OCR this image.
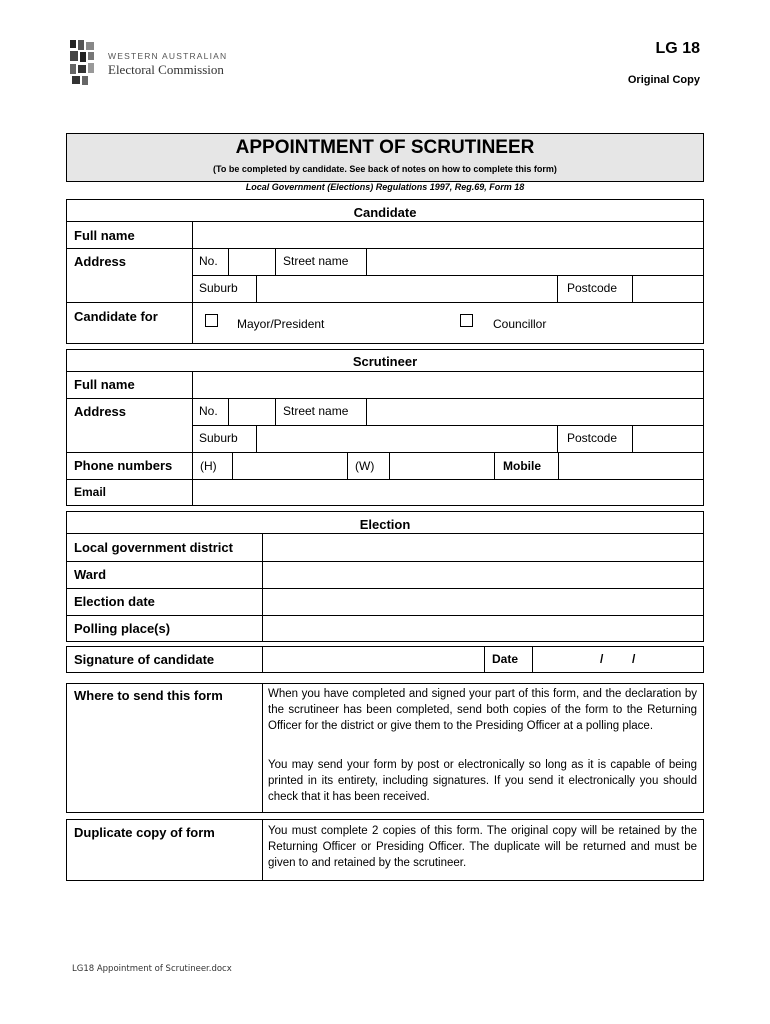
WESTERN AUSTRALIAN
Electoral Commission
LG 18
Original Copy
APPOINTMENT OF SCRUTINEER
(To be completed by candidate. See back of notes on how to complete this form)
Local Government (Elections) Regulations 1997, Reg.69, Form 18
Candidate
Full name
Address	No.	Street name
Suburb	Postcode
Candidate for	Mayor/President	Councillor
Scrutineer
Full name
Address	No.	Street name
Suburb	Postcode
Phone numbers (H)	(W)	Mobile
Email
Election
Local government district
Ward
Election date
Polling place(s)
Signature of candidate	Date	/ /
Where to send this form	When you have completed and signed your part of this form, and the declaration by the scrutineer has been completed, send both copies of the form to the Returning Officer for the district or give them to the Presiding Officer at a polling place.
You may send your form by post or electronically so long as it is capable of being printed in its entirety, including signatures. If you send it electronically you should check that it has been received.
Duplicate copy of form	You must complete 2 copies of this form. The original copy will be retained by the Returning Officer or Presiding Officer. The duplicate will be returned and must be given to and retained by the scrutineer.
LG18 Appointment of Scrutineer.docx
